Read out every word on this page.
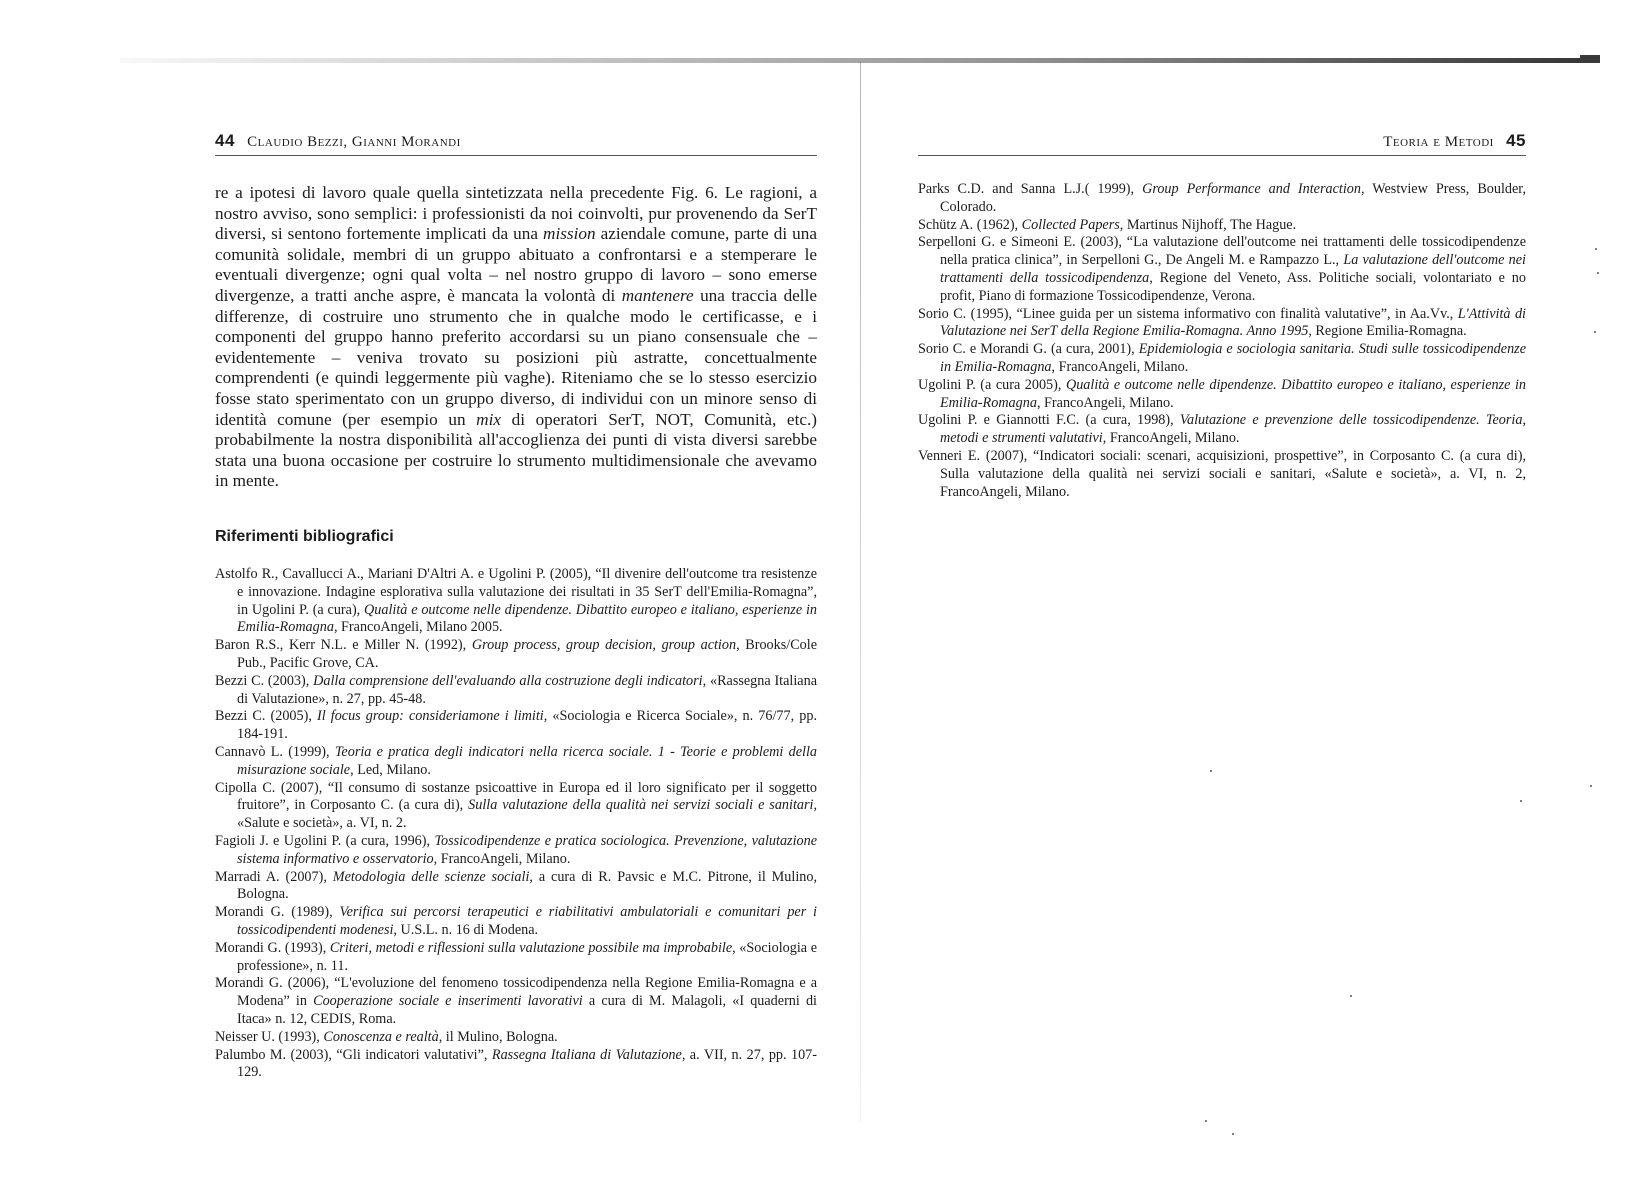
44 Claudio Bezzi, Gianni Morandi

re a ipotesi di lavoro quale quella sintetizzata nella precedente Fig. 6. Le ragioni, a nostro avviso, sono semplici: i professionisti da noi coinvolti, pur provenendo da SerT diversi, si sentono fortemente implicati da una mission aziendale comune, parte di una comunità solidale, membri di un gruppo abituato a confrontarsi e a stemperare le eventuali divergenze; ogni qual volta – nel nostro gruppo di lavoro – sono emerse divergenze, a tratti anche aspre, è mancata la volontà di mantenere una traccia delle differenze, di costruire uno strumento che in qualche modo le certificasse, e i componenti del gruppo hanno preferito accordarsi su un piano consensuale che – evidentemente – veniva trovato su posizioni più astratte, concettualmente comprendenti (e quindi leggermente più vaghe). Riteniamo che se lo stesso esercizio fosse stato sperimentato con un gruppo diverso, di individui con un minore senso di identità comune (per esempio un mix di operatori SerT, NOT, Comunità, etc.) probabilmente la nostra disponibilità all'accoglienza dei punti di vista diversi sarebbe stata una buona occasione per costruire lo strumento multidimensionale che avevamo in mente.

Riferimenti bibliografici
Astolfo R., Cavallucci A., Mariani D'Altri A. e Ugolini P. (2005), “Il divenire dell'outcome tra resistenze e innovazione. Indagine esplorativa sulla valutazione dei risultati in 35 SerT dell'Emilia-Romagna”, in Ugolini P. (a cura), Qualità e outcome nelle dipendenze. Dibattito europeo e italiano, esperienze in Emilia-Romagna, FrancoAngeli, Milano 2005.
Baron R.S., Kerr N.L. e Miller N. (1992), Group process, group decision, group action, Brooks/Cole Pub., Pacific Grove, CA.
Bezzi C. (2003), Dalla comprensione dell'evaluando alla costruzione degli indicatori, «Rassegna Italiana di Valutazione», n. 27, pp. 45-48.
Bezzi C. (2005), Il focus group: consideriamone i limiti, «Sociologia e Ricerca Sociale», n. 76/77, pp. 184-191.
Cannavò L. (1999), Teoria e pratica degli indicatori nella ricerca sociale. 1 - Teorie e problemi della misurazione sociale, Led, Milano.
Cipolla C. (2007), “Il consumo di sostanze psicoattive in Europa ed il loro significato per il soggetto fruitore”, in Corposanto C. (a cura di), Sulla valutazione della qualità nei servizi sociali e sanitari, «Salute e società», a. VI, n. 2.
Fagioli J. e Ugolini P. (a cura, 1996), Tossicodipendenze e pratica sociologica. Prevenzione, valutazione sistema informativo e osservatorio, FrancoAngeli, Milano.
Marradi A. (2007), Metodologia delle scienze sociali, a cura di R. Pavsic e M.C. Pitrone, il Mulino, Bologna.
Morandi G. (1989), Verifica sui percorsi terapeutici e riabilitativi ambulatoriali e comunitari per i tossicodipendenti modenesi, U.S.L. n. 16 di Modena.
Morandi G. (1993), Criteri, metodi e riflessioni sulla valutazione possibile ma improbabile, «Sociologia e professione», n. 11.
Morandi G. (2006), “L'evoluzione del fenomeno tossicodipendenza nella Regione Emilia-Romagna e a Modena” in Cooperazione sociale e inserimenti lavorativi a cura di M. Malagoli, «I quaderni di Itaca» n. 12, CEDIS, Roma.
Neisser U. (1993), Conoscenza e realtà, il Mulino, Bologna.
Palumbo M. (2003), “Gli indicatori valutativi”, Rassegna Italiana di Valutazione, a. VII, n. 27, pp. 107-129.
Teoria e Metodi 45
Parks C.D. and Sanna L.J.( 1999), Group Performance and Interaction, Westview Press, Boulder, Colorado.
Schütz A. (1962), Collected Papers, Martinus Nijhoff, The Hague.
Serpelloni G. e Simeoni E. (2003), “La valutazione dell'outcome nei trattamenti delle tossicodipendenze nella pratica clinica”, in Serpelloni G., De Angeli M. e Rampazzo L., La valutazione dell'outcome nei trattamenti della tossicodipendenza, Regione del Veneto, Ass. Politiche sociali, volontariato e no profit, Piano di formazione Tossicodipendenze, Verona.
Sorio C. (1995), “Linee guida per un sistema informativo con finalità valutative”, in Aa.Vv., L'Attività di Valutazione nei SerT della Regione Emilia-Romagna. Anno 1995, Regione Emilia-Romagna.
Sorio C. e Morandi G. (a cura, 2001), Epidemiologia e sociologia sanitaria. Studi sulle tossicodipendenze in Emilia-Romagna, FrancoAngeli, Milano.
Ugolini P. (a cura 2005), Qualità e outcome nelle dipendenze. Dibattito europeo e italiano, esperienze in Emilia-Romagna, FrancoAngeli, Milano.
Ugolini P. e Giannotti F.C. (a cura, 1998), Valutazione e prevenzione delle tossicodipendenze. Teoria, metodi e strumenti valutativi, FrancoAngeli, Milano.
Venneri E. (2007), “Indicatori sociali: scenari, acquisizioni, prospettive”, in Corposanto C. (a cura di), Sulla valutazione della qualità nei servizi sociali e sanitari, «Salute e società», a. VI, n. 2, FrancoAngeli, Milano.
